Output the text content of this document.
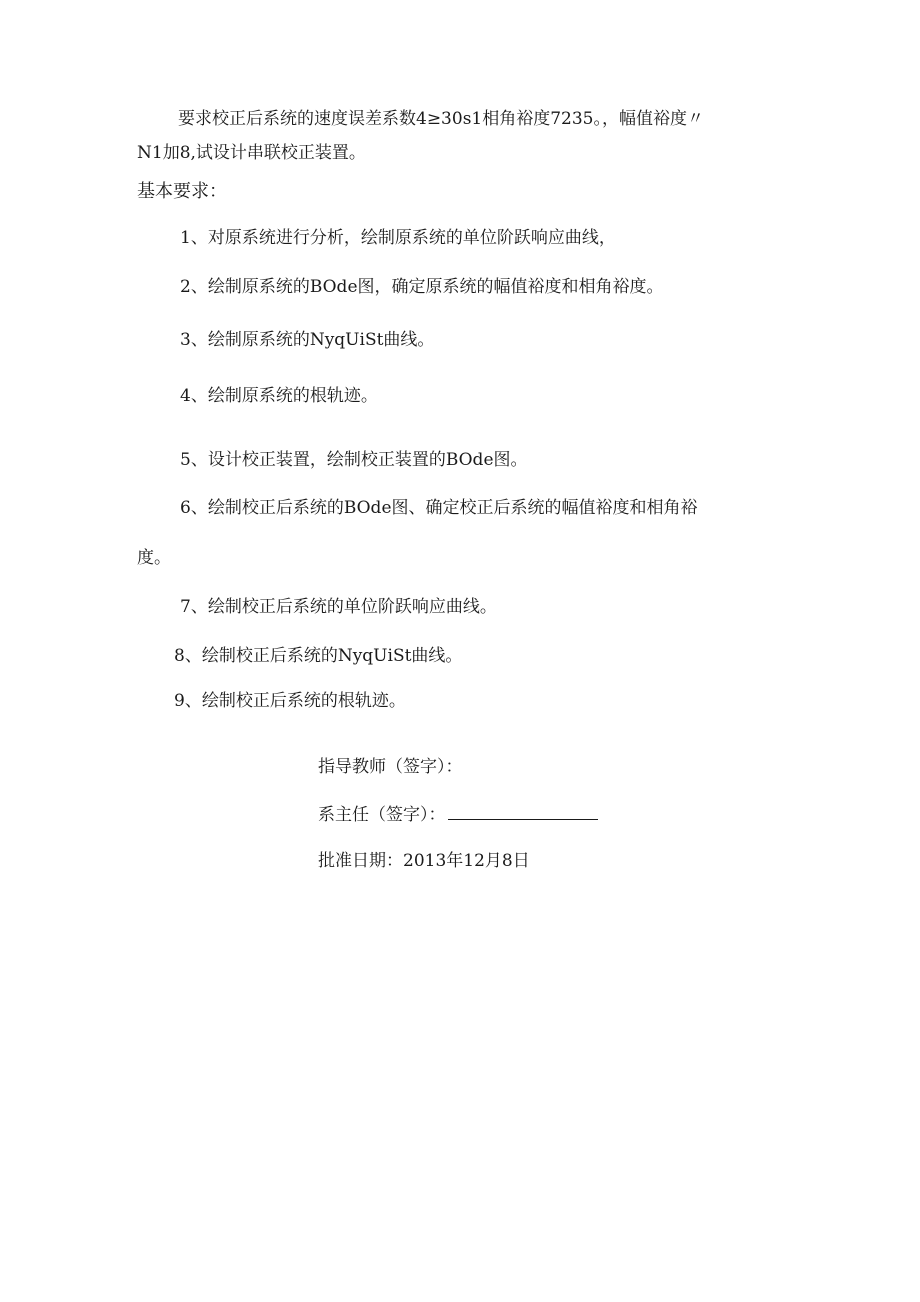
要求校正后系统的速度误差系数4≥30s1相角裕度7235。，幅值裕度〃
N1加8,试设计串联校正装置。
基本要求：
1、对原系统进行分析，绘制原系统的单位阶跃响应曲线，
2、绘制原系统的BOde图，确定原系统的幅值裕度和相角裕度。
3、绘制原系统的NyqUiSt曲线。
4、绘制原系统的根轨迹。
5、设计校正装置，绘制校正装置的BOde图。
6、绘制校正后系统的BOde图、确定校正后系统的幅值裕度和相角裕
度。
7、绘制校正后系统的单位阶跃响应曲线。
8、绘制校正后系统的NyqUiSt曲线。
9、绘制校正后系统的根轨迹。
指导教师（签字）：
系主任（签字）：
批准日期：2013年12月8日
